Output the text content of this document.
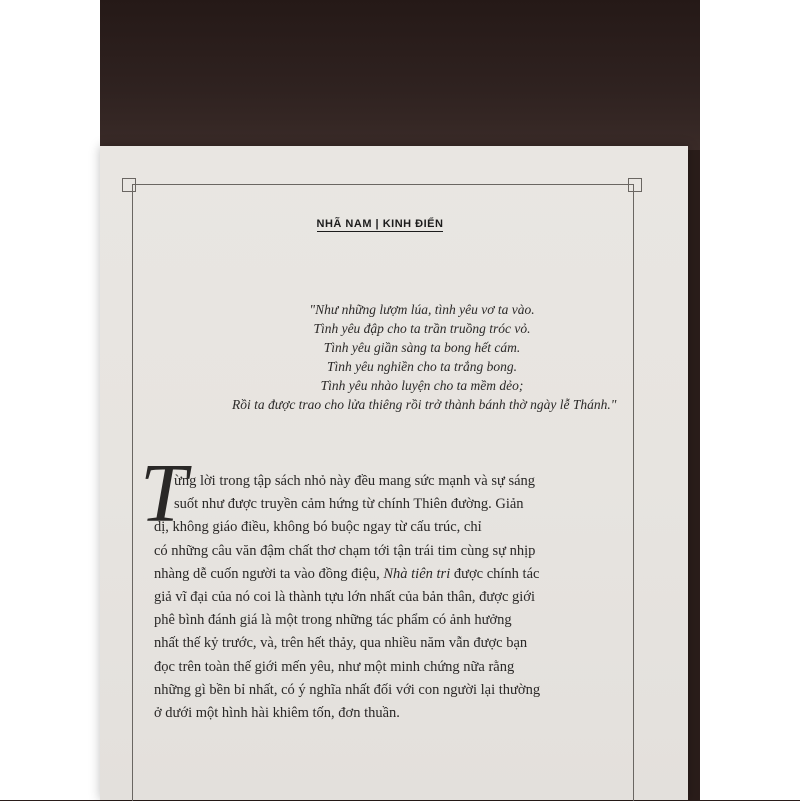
NHÃ NAM | KINH ĐIỂN
"Như những lượm lúa, tình yêu vơ ta vào.
Tình yêu đập cho ta trần truồng tróc vỏ.
Tình yêu giần sàng ta bong hết cám.
Tình yêu nghiền cho ta trắng bong.
Tình yêu nhào luyện cho ta mềm dẻo;
Rồi ta được trao cho lửa thiêng rồi trở thành bánh thờ ngày lễ Thánh."
T
ừng lời trong tập sách nhỏ này đều mang sức mạnh và sự sáng
suốt như được truyền cảm hứng từ chính Thiên đường. Giản
dị, không giáo điều, không bó buộc ngay từ cấu trúc, chỉ
có những câu văn đậm chất thơ chạm tới tận trái tim cùng sự nhịp
nhàng dễ cuốn người ta vào đồng điệu, Nhà tiên tri được chính tác
giả vĩ đại của nó coi là thành tựu lớn nhất của bản thân, được giới
phê bình đánh giá là một trong những tác phẩm có ảnh hưởng
nhất thế kỷ trước, và, trên hết thảy, qua nhiều năm vẫn được bạn
đọc trên toàn thế giới mến yêu, như một minh chứng nữa rằng
những gì bền bỉ nhất, có ý nghĩa nhất đối với con người lại thường
ở dưới một hình hài khiêm tốn, đơn thuần.
